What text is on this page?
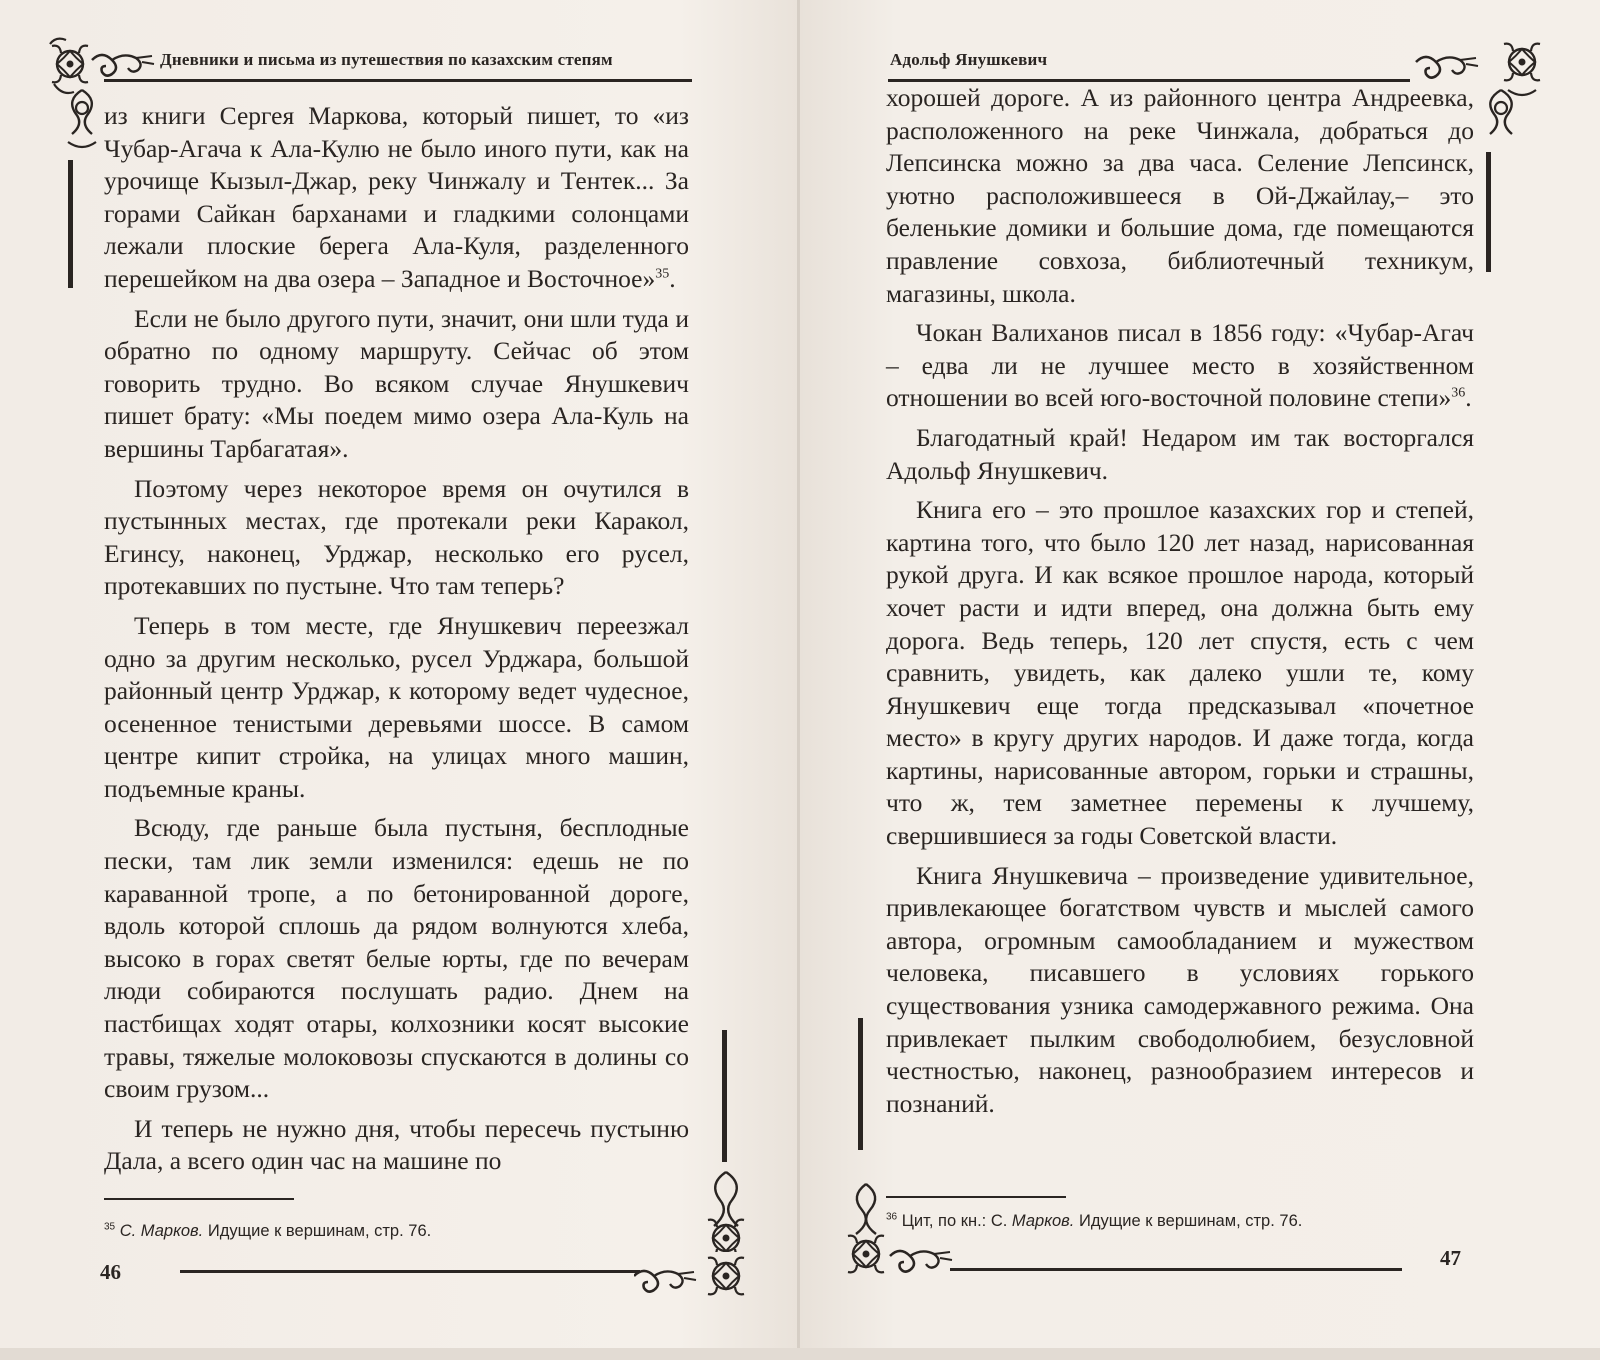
Дневники и письма из путешествия по казахским степям

из книги Сергея Маркова, который пишет, то «из Чубар-Агача к Ала-Кулю не было иного пути, как на урочище Кызыл-Джар, реку Чинжалу и Тентек... За горами Сайкан барханами и гладкими солонцами лежали плоские берега Ала-Куля, разделенного перешейком на два озера – Западное и Восточное»$^{35}$.

Если не было другого пути, значит, они шли туда и обратно по одному маршруту. Сейчас об этом говорить трудно. Во всяком случае Янушкевич пишет брату: «Мы поедем мимо озера Ала-Куль на вершины Тарбагатая».

Поэтому через некоторое время он очутился в пустынных местах, где протекали реки Каракол, Егинсу, наконец, Урджар, несколько его русел, протекавших по пустыне. Что там теперь?

Теперь в том месте, где Янушкевич переезжал одно за другим несколько, русел Урджара, большой районный центр Урджар, к которому ведет чудесное, осененное тенистыми деревьями шоссе. В самом центре кипит стройка, на улицах много машин, подъемные краны.

Всюду, где раньше была пустыня, бесплодные пески, там лик земли изменился: едешь не по караванной тропе, а по бетонированной дороге, вдоль которой сплошь да рядом волнуются хлеба, высоко в горах светят белые юрты, где по вечерам люди собираются послушать радио. Днем на пастбищах ходят отары, колхозники косят высокие травы, тяжелые молоковозы спускаются в долины со своим грузом...

И теперь не нужно дня, чтобы пересечь пустыню Дала, а всего один час на машине по

$^{35}$ С. Марков. Идущие к вершинам, стр. 76.
46
Адольф Янушкевич

хорошей дороге. А из районного центра Андреевка, расположенного на реке Чинжала, добраться до Лепсинска можно за два часа. Селение Лепсинск, уютно расположившееся в Ой-Джайлау,– это беленькие домики и большие дома, где помещаются правление совхоза, библиотечный техникум, магазины, школа.

Чокан Валиханов писал в 1856 году: «Чубар-Агач – едва ли не лучшее место в хозяйственном отношении во всей юго-восточной половине степи»$^{36}$.

Благодатный край! Недаром им так восторгался Адольф Янушкевич.

Книга его – это прошлое казахских гор и степей, картина того, что было 120 лет назад, нарисованная рукой друга. И как всякое прошлое народа, который хочет расти и идти вперед, она должна быть ему дорога. Ведь теперь, 120 лет спустя, есть с чем сравнить, увидеть, как далеко ушли те, кому Янушкевич еще тогда предсказывал «почетное место» в кругу других народов. И даже тогда, когда картины, нарисованные автором, горьки и страшны, что ж, тем заметнее перемены к лучшему, свершившиеся за годы Советской власти.

Книга Янушкевича – произведение удивительное, привлекающее богатством чувств и мыслей самого автора, огромным самообладанием и мужеством человека, писавшего в условиях горького существования узника самодержавного режима. Она привлекает пылким свободолюбием, безусловной честностью, наконец, разнообразием интересов и познаний.

$^{36}$ Цит, по кн.: С. Марков. Идущие к вершинам, стр. 76.
47
